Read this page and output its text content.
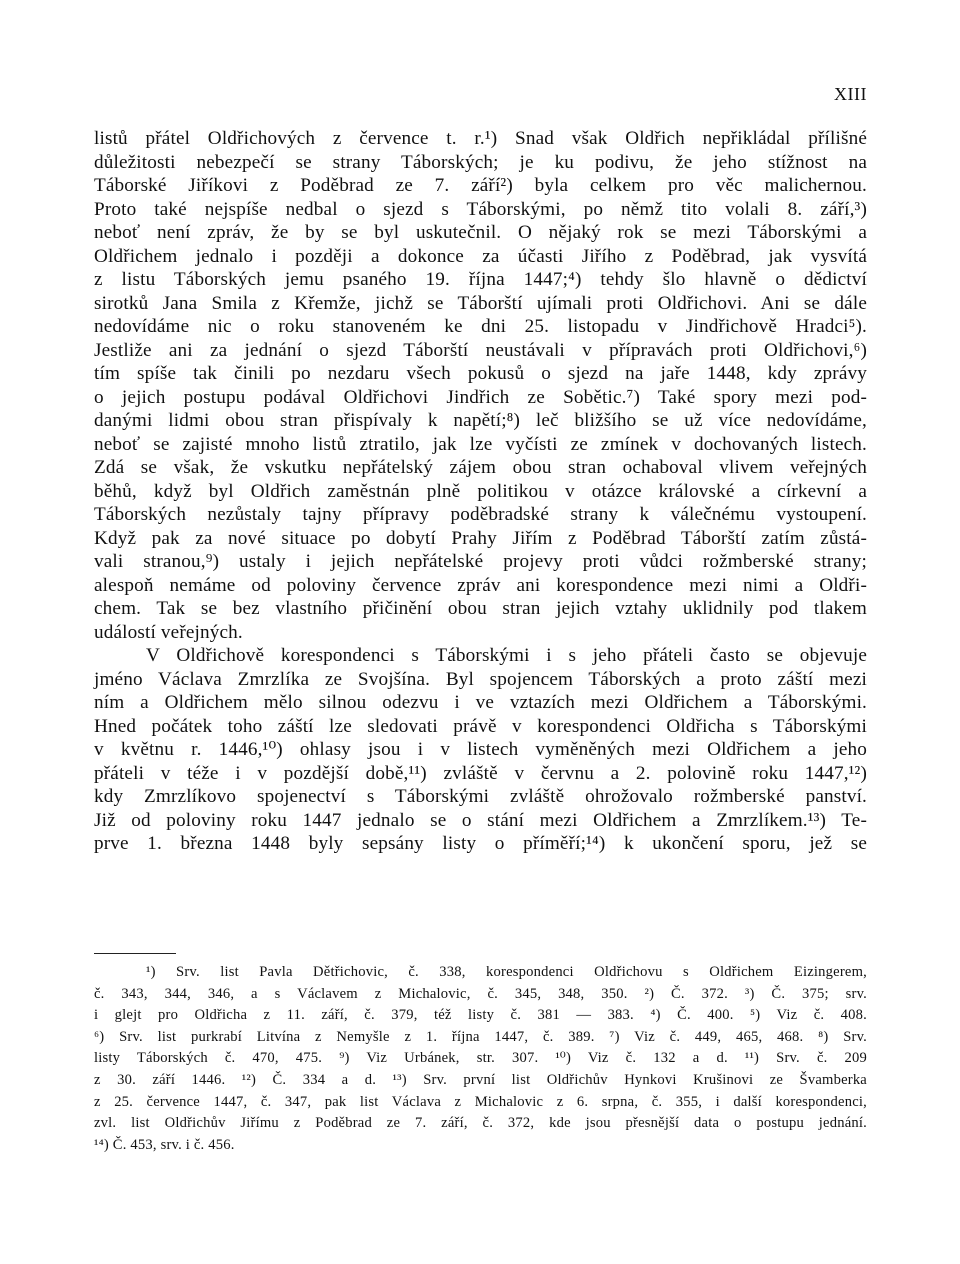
XIII
listů přátel Oldřichových z července t. r.¹) Snad však Oldřich nepřikládal přílišné
důležitosti nebezpečí se strany Táborských; je ku podivu, že jeho stížnost na
Táborské Jiříkovi z Poděbrad ze 7. září²) byla celkem pro věc malichernou.
Proto také nejspíše nedbal o sjezd s Táborskými, po němž tito volali 8. září,³)
neboť není zpráv, že by se byl uskutečnil. O nějaký rok se mezi Táborskými a
Oldřichem jednalo i později a dokonce za účasti Jiřího z Poděbrad, jak vysvítá
z listu Táborských jemu psaného 19. října 1447;⁴) tehdy šlo hlavně o dědictví
sirotků Jana Smila z Křemže, jichž se Táborští ujímali proti Oldřichovi. Ani se dále
nedovídáme nic o roku stanoveném ke dni 25. listopadu v Jindřichově Hradci⁵).
Jestliže ani za jednání o sjezd Táborští neustávali v přípravách proti Oldřichovi,⁶)
tím spíše tak činili po nezdaru všech pokusů o sjezd na jaře 1448, kdy zprávy
o jejich postupu podával Oldřichovi Jindřich ze Sobětic.⁷) Také spory mezi pod-
danými lidmi obou stran přispívaly k napětí;⁸) leč bližšího se už více nedovídáme,
neboť se zajisté mnoho listů ztratilo, jak lze vyčísti ze zmínek v dochovaných listech.
Zdá se však, že vskutku nepřátelský zájem obou stran ochaboval vlivem veřejných
běhů, když byl Oldřich zaměstnán plně politikou v otázce královské a církevní a
Táborských nezůstaly tajny přípravy poděbradské strany k válečnému vystoupení.
Když pak za nové situace po dobytí Prahy Jiřím z Poděbrad Táborští zatím zůstá-
vali stranou,⁹) ustaly i jejich nepřátelské projevy proti vůdci rožmberské strany;
alespoň nemáme od poloviny července zpráv ani korespondence mezi nimi a Oldři-
chem. Tak se bez vlastního přičinění obou stran jejich vztahy uklidnily pod tlakem
událostí veřejných.
V Oldřichově korespondenci s Táborskými i s jeho přáteli často se objevuje
jméno Václava Zmrzlíka ze Svojšína. Byl spojencem Táborských a proto záští mezi
ním a Oldřichem mělo silnou odezvu i ve vztazích mezi Oldřichem a Táborskými.
Hned počátek toho záští lze sledovati právě v korespondenci Oldřicha s Táborskými
v květnu r. 1446,¹⁰) ohlasy jsou i v listech vyměněných mezi Oldřichem a jeho
přáteli v téže i v pozdější době,¹¹) zvláště v červnu a 2. polovině roku 1447,¹²)
kdy Zmrzlíkovo spojenectví s Táborskými zvláště ohrožovalo rožmberské panství.
Již od poloviny roku 1447 jednalo se o stání mezi Oldřichem a Zmrzlíkem.¹³) Te-
prve 1. března 1448 byly sepsány listy o příměří;¹⁴) k ukončení sporu, jež se
¹) Srv. list Pavla Dětřichovic, č. 338, korespondenci Oldřichovu s Oldřichem Eizingerem,
č. 343, 344, 346, a s Václavem z Michalovic, č. 345, 348, 350. ²) Č. 372. ³) Č. 375; srv.
i glejt pro Oldřicha z 11. září, č. 379, též listy č. 381 — 383. ⁴) Č. 400. ⁵) Viz č. 408.
⁶) Srv. list purkrabí Litvína z Nemyšle z 1. října 1447, č. 389. ⁷) Viz č. 449, 465, 468. ⁸) Srv.
listy Táborských č. 470, 475. ⁹) Viz Urbánek, str. 307. ¹⁰) Viz č. 132 a d. ¹¹) Srv. č. 209
z 30. září 1446. ¹²) Č. 334 a d. ¹³) Srv. první list Oldřichův Hynkovi Krušinovi ze Švamberka
z 25. července 1447, č. 347, pak list Václava z Michalovic z 6. srpna, č. 355, i další korespondenci,
zvl. list Oldřichův Jiřímu z Poděbrad ze 7. září, č. 372, kde jsou přesnější data o postupu jednání.
¹⁴) Č. 453, srv. i č. 456.
